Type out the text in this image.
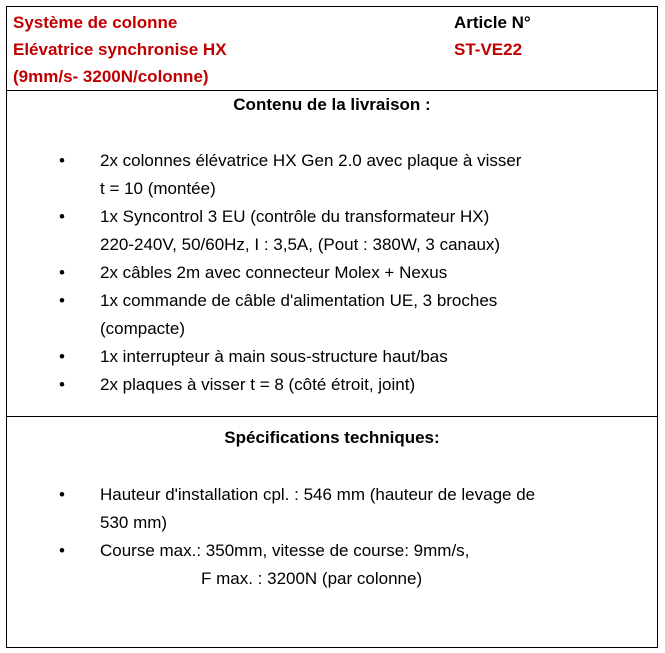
Système de colonne
Elévatrice synchronise HX
(9mm/s- 3200N/colonne)
Article N°
ST-VE22
Contenu de la livraison :
• 2x colonnes élévatrice HX Gen 2.0 avec plaque à visser
t = 10 (montée)
• 1x Syncontrol 3 EU (contrôle du transformateur HX)
220-240V, 50/60Hz, I : 3,5A, (Pout : 380W, 3 canaux)
• 2x câbles 2m avec connecteur Molex + Nexus
• 1x commande de câble d'alimentation UE, 3 broches
(compacte)
• 1x interrupteur à main sous-structure haut/bas
• 2x plaques à visser t = 8 (côté étroit, joint)
Spécifications techniques:
• Hauteur d'installation cpl. : 546 mm (hauteur de levage de
530 mm)
• Course max.: 350mm, vitesse de course: 9mm/s,

F max. : 3200N (par colonne)
